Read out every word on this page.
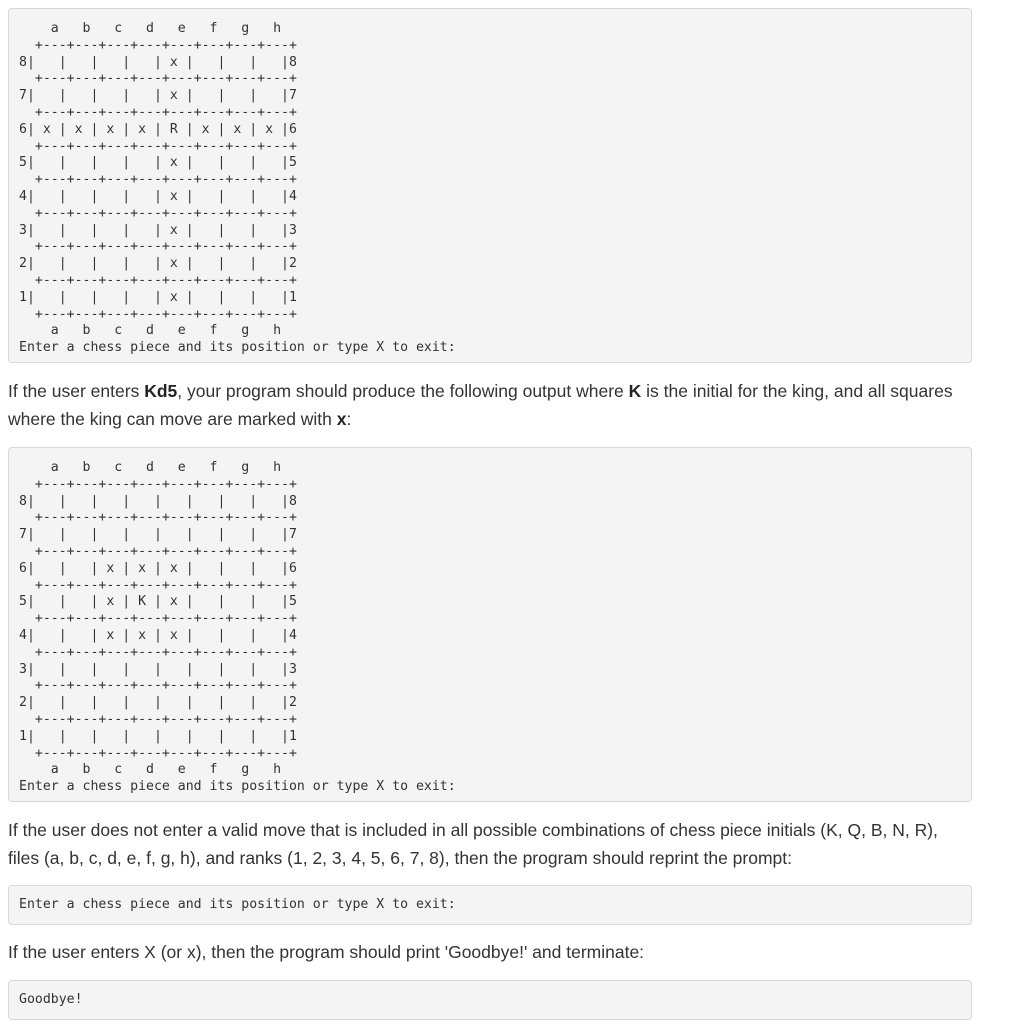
a   b   c   d   e   f   g   h
+---+---+---+---+---+---+---+---+
8|   |   |   |   | x |   |   |   |8
+---+---+---+---+---+---+---+---+
7|   |   |   |   | x |   |   |   |7
+---+---+---+---+---+---+---+---+
6| x | x | x | x | R | x | x | x |6
+---+---+---+---+---+---+---+---+
5|   |   |   |   | x |   |   |   |5
+---+---+---+---+---+---+---+---+
4|   |   |   |   | x |   |   |   |4
+---+---+---+---+---+---+---+---+
3|   |   |   |   | x |   |   |   |3
+---+---+---+---+---+---+---+---+
2|   |   |   |   | x |   |   |   |2
+---+---+---+---+---+---+---+---+
1|   |   |   |   | x |   |   |   |1
+---+---+---+---+---+---+---+---+
a   b   c   d   e   f   g   h
Enter a chess piece and its position or type X to exit:

If the user enters Kd5, your program should produce the following output where K is the initial for the king, and all squares where the king can move are marked with x:

a   b   c   d   e   f   g   h
+---+---+---+---+---+---+---+---+
8|   |   |   |   |   |   |   |   |8
+---+---+---+---+---+---+---+---+
7|   |   |   |   |   |   |   |   |7
+---+---+---+---+---+---+---+---+
6|   |   | x | x | x |   |   |   |6
+---+---+---+---+---+---+---+---+
5|   |   | x | K | x |   |   |   |5
+---+---+---+---+---+---+---+---+
4|   |   | x | x | x |   |   |   |4
+---+---+---+---+---+---+---+---+
3|   |   |   |   |   |   |   |   |3
+---+---+---+---+---+---+---+---+
2|   |   |   |   |   |   |   |   |2
+---+---+---+---+---+---+---+---+
1|   |   |   |   |   |   |   |   |1
+---+---+---+---+---+---+---+---+
a   b   c   d   e   f   g   h
Enter a chess piece and its position or type X to exit:

If the user does not enter a valid move that is included in all possible combinations of chess piece initials (K, Q, B, N, R), files (a, b, c, d, e, f, g, h), and ranks (1, 2, 3, 4, 5, 6, 7, 8), then the program should reprint the prompt:

Enter a chess piece and its position or type X to exit:

If the user enters X (or x), then the program should print 'Goodbye!' and terminate:

Goodbye!
